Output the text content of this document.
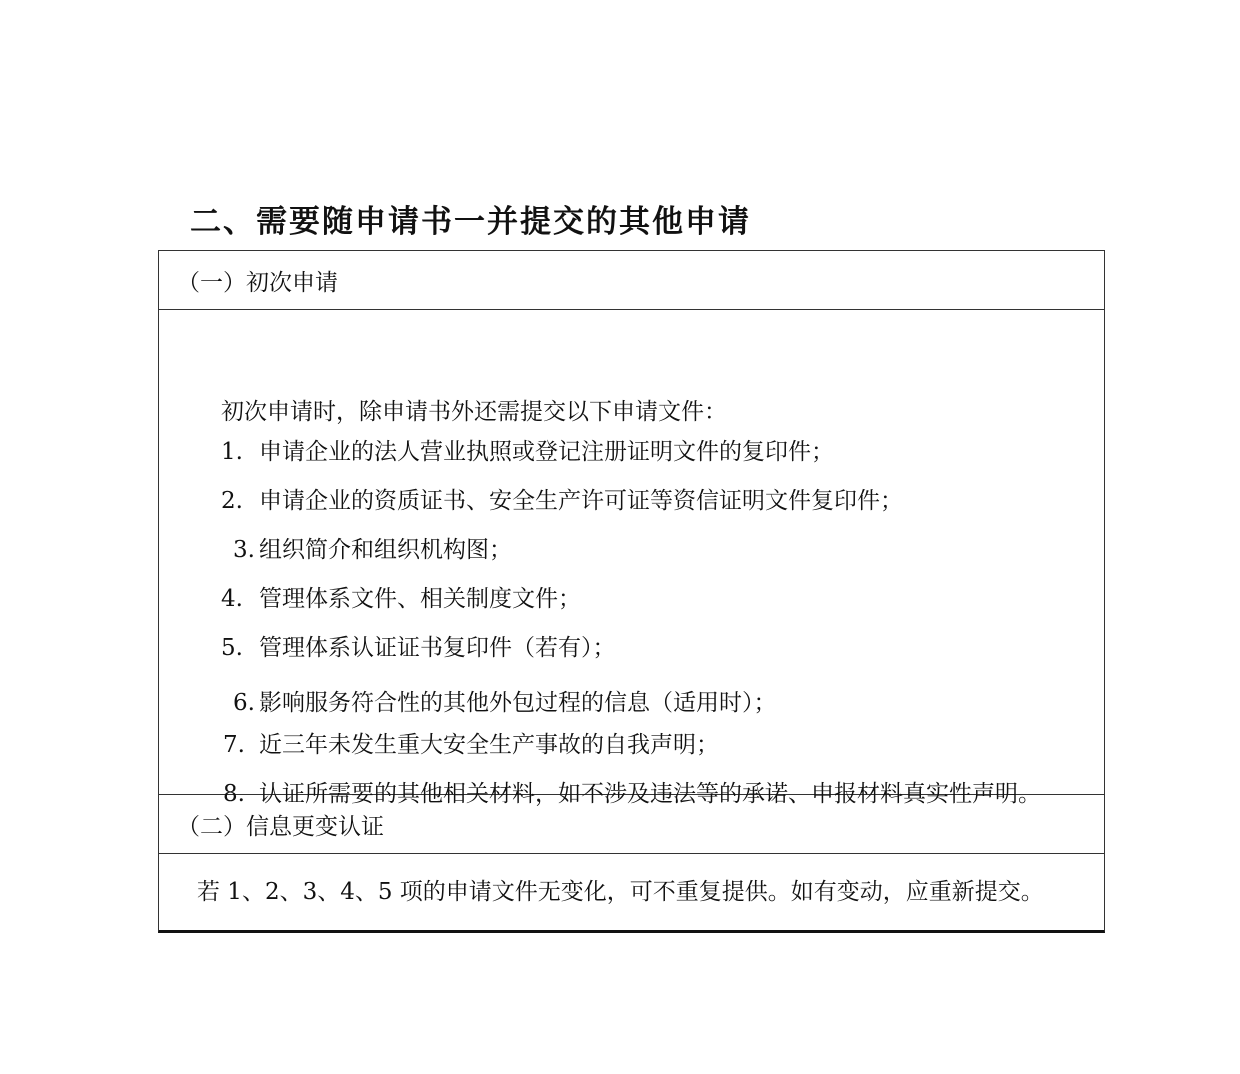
二、需要随申请书一并提交的其他申请
（一）初次申请
初次申请时，除申请书外还需提交以下申请文件：
1. 申请企业的法人营业执照或登记注册证明文件的复印件；
2. 申请企业的资质证书、安全生产许可证等资信证明文件复印件；
3. 组织简介和组织机构图；
4. 管理体系文件、相关制度文件；
5. 管理体系认证证书复印件（若有）；
6. 影响服务符合性的其他外包过程的信息（适用时）；
7. 近三年未发生重大安全生产事故的自我声明；
8. 认证所需要的其他相关材料，如不涉及违法等的承诺、申报材料真实性声明。
（二）信息更变认证
若 1、2、3、4、5 项的申请文件无变化，可不重复提供。如有变动，应重新提交。
